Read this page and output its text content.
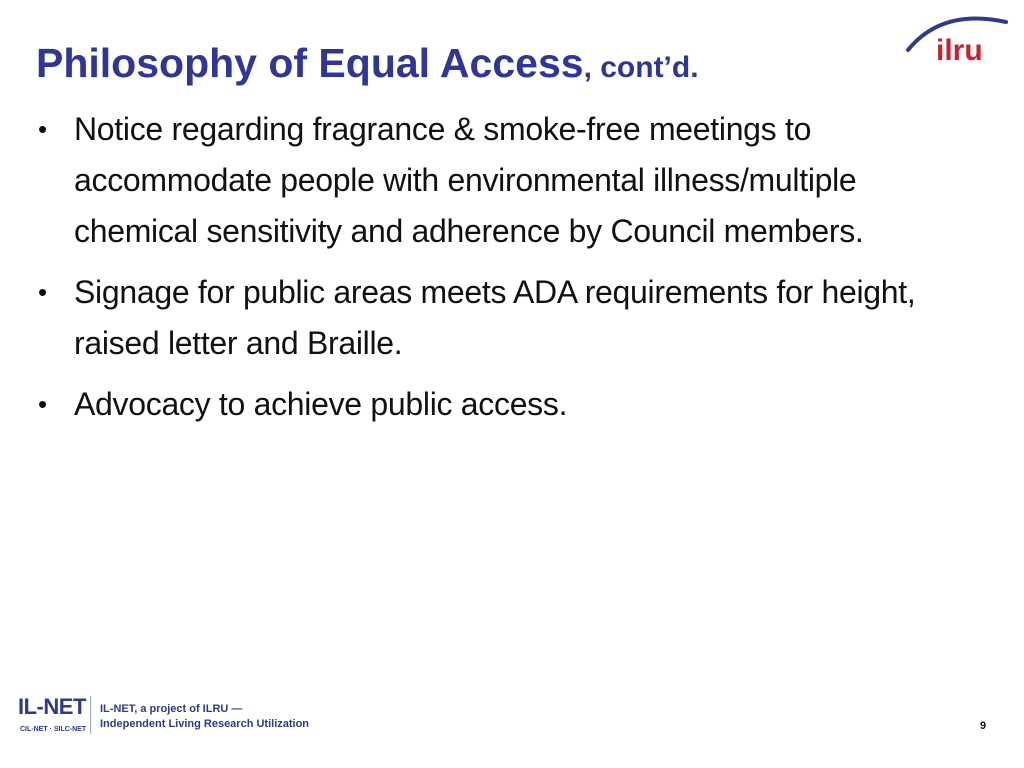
Philosophy of Equal Access, cont’d.
ilru
• Notice regarding fragrance & smoke-free meetings to accommodate people with environmental illness/multiple chemical sensitivity and adherence by Council members.
• Signage for public areas meets ADA requirements for height, raised letter and Braille.
• Advocacy to achieve public access.
IL-NET
CIL-NET · SILC-NET
IL-NET, a project of ILRU —
Independent Living Research Utilization	9
